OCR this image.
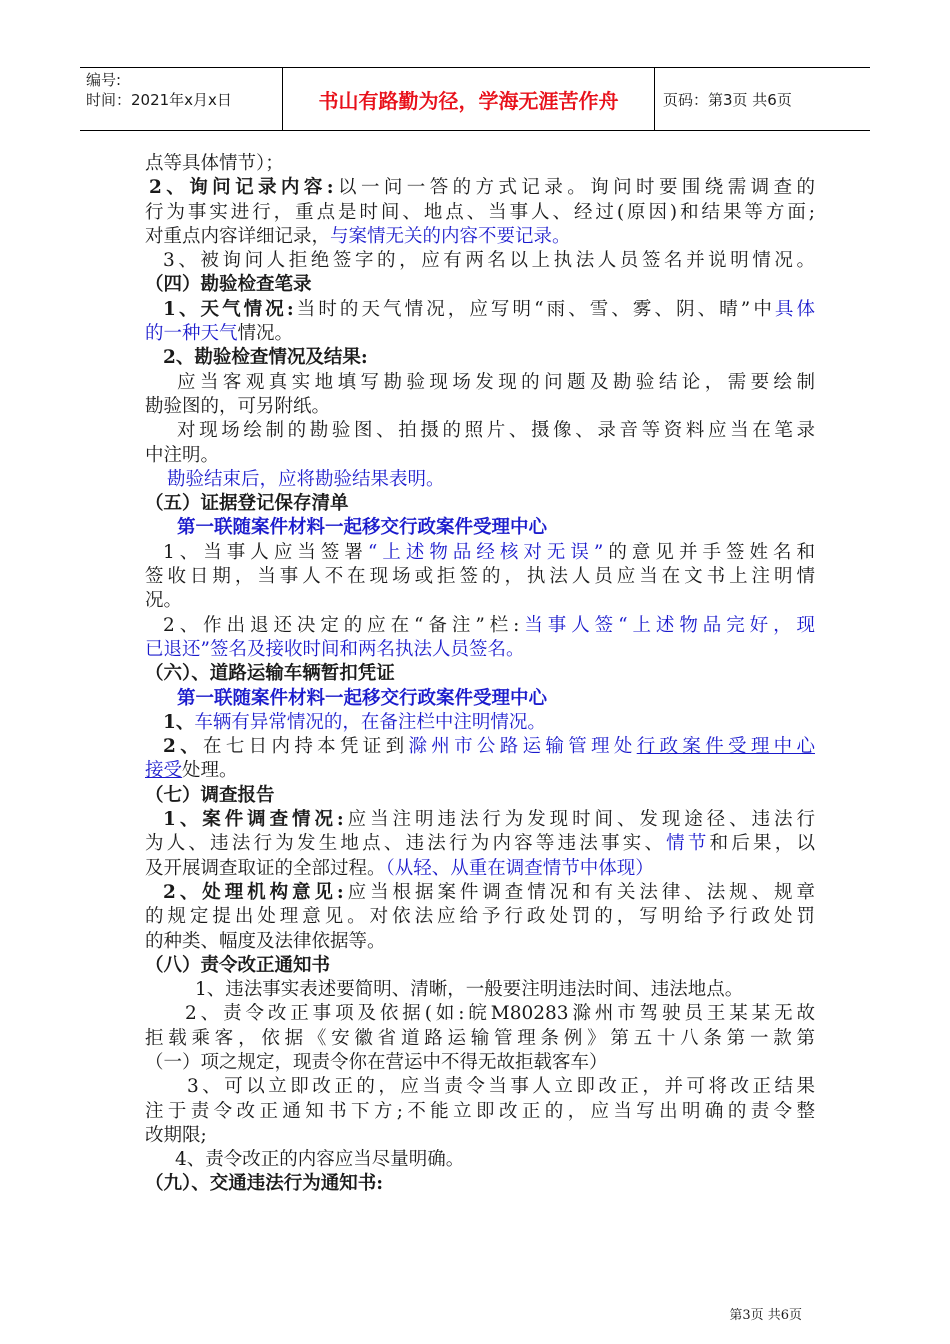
编号:
时间：2021年x月x日	书山有路勤为径，学海无涯苦作舟	页码：第3页 共6页

点等具体情节）；

2、询问记录内容:以一问一答的方式记录。询问时要围绕需调查的

行为事实进行，重点是时间、地点、当事人、经过(原因)和结果等方面;

对重点内容详细记录，与案情无关的内容不要记录。

3、被询问人拒绝签字的，应有两名以上执法人员签名并说明情况。

（四）勘验检查笔录

1、天气情况:当时的天气情况，应写明“雨、雪、雾、阴、晴”中具体

的一种天气情况。

2、勘验检查情况及结果:

应当客观真实地填写勘验现场发现的问题及勘验结论，需要绘制

勘验图的，可另附纸。

对现场绘制的勘验图、拍摄的照片、摄像、录音等资料应当在笔录

中注明。

勘验结束后，应将勘验结果表明。

（五）证据登记保存清单

第一联随案件材料一起移交行政案件受理中心

1、当事人应当签署“上述物品经核对无误”的意见并手签姓名和

签收日期，当事人不在现场或拒签的，执法人员应当在文书上注明情

况。

2、作出退还决定的应在“备注”栏:当事人签“上述物品完好，现

已退还”签名及接收时间和两名执法人员签名。

（六）、道路运输车辆暂扣凭证

第一联随案件材料一起移交行政案件受理中心

1、车辆有异常情况的，在备注栏中注明情况。

2、在七日内持本凭证到滁州市公路运输管理处行政案件受理中心

接受处理。

（七）调查报告

1、案件调查情况:应当注明违法行为发现时间、发现途径、违法行

为人、违法行为发生地点、违法行为内容等违法事实、情节和后果，以

及开展调查取证的全部过程。（从轻、从重在调查情节中体现）

2、处理机构意见:应当根据案件调查情况和有关法律、法规、规章

的规定提出处理意见。对依法应给予行政处罚的，写明给予行政处罚

的种类、幅度及法律依据等。

（八）责令改正通知书

1、违法事实表述要简明、清晰，一般要注明违法时间、违法地点。

2、责令改正事项及依据(如:皖M80283滁州市驾驶员王某某无故

拒载乘客，依据《安徽省道路运输管理条例》第五十八条第一款第

（一）项之规定，现责令你在营运中不得无故拒载客车）

3、可以立即改正的，应当责令当事人立即改正，并可将改正结果

注于责令改正通知书下方;不能立即改正的，应当写出明确的责令整

改期限;

4、责令改正的内容应当尽量明确。

（九）、交通违法行为通知书:

第3页 共6页
